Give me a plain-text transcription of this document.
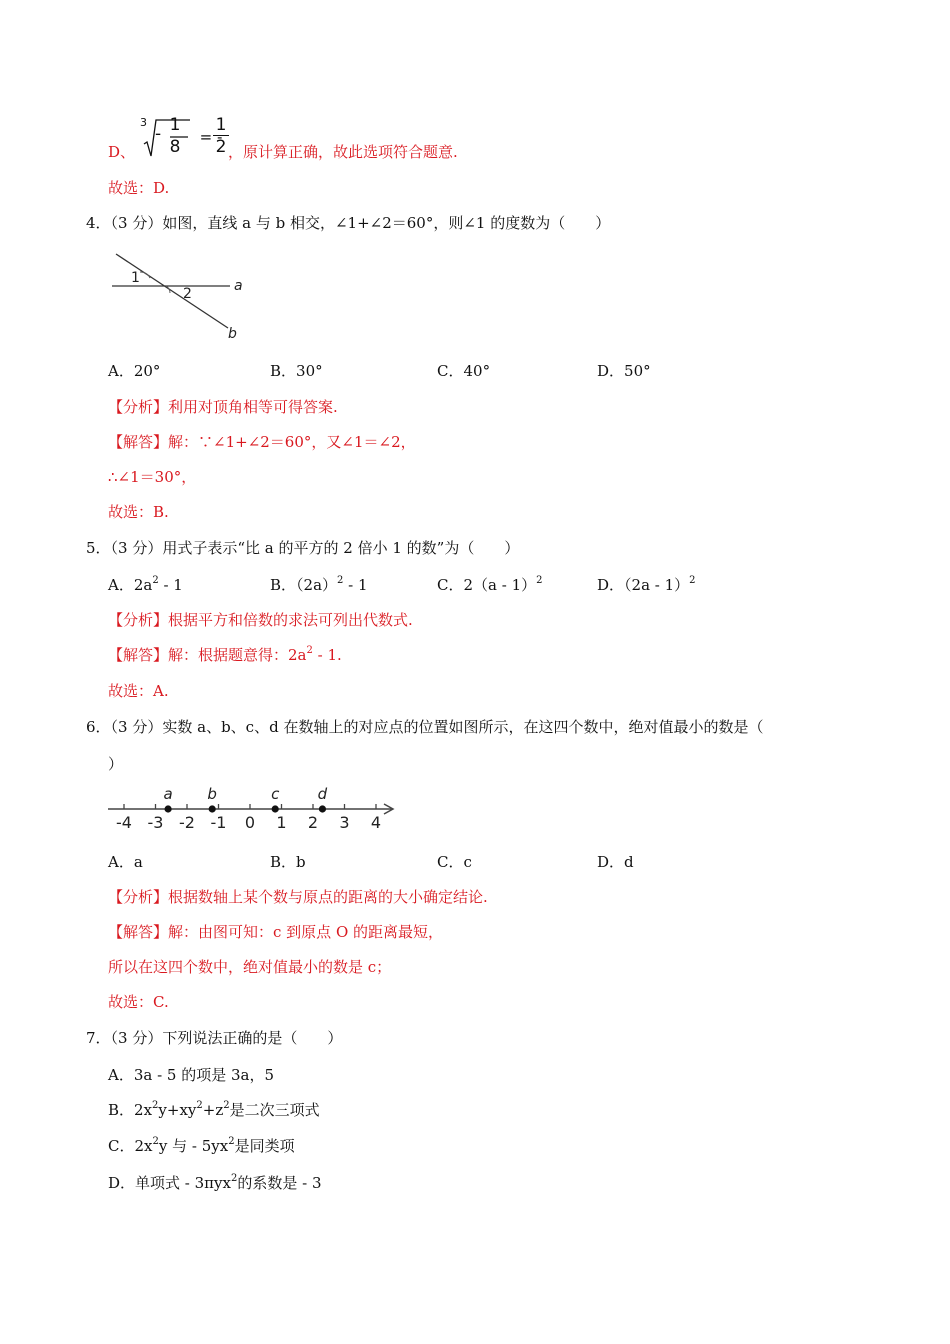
D、
3
- 1
8	= -
1
2 ，原计算正确，故此选项符合题意.
故选：D.
4．（3 分）如图，直线 a 与 b 相交，∠1+∠2＝60°，则∠1 的度数为（　　）
1
2	a
b
A．20°	B．30°	C．40°	D．50°
【分析】利用对顶角相等可得答案.
【解答】解：∵∠1+∠2＝60°，又∠1＝∠2，
∴∠1＝30°，
故选：B.
5．（3 分）用式子表示“比 a 的平方的 2 倍小 1 的数”为（　　）
A．$2a^2 - 1$	B．$(2a)^2 - 1$	C．2（a - 1）$^2$	D．（2a - 1）$^2$
【分析】根据平方和倍数的求法可列出代数式.
【解答】解：根据题意得：$2a^2 - 1$.
故选：A.
6．（3 分）实数 a、b、c、d 在数轴上的对应点的位置如图所示，在这四个数中，绝对值最小的数是（
）
-4 -3 -2 -1 0 1 2 3 4
a b	c	d
A．a	B．b	C．c	D．d
【分析】根据数轴上某个数与原点的距离的大小确定结论.
【解答】解：由图可知：c 到原点 O 的距离最短，
所以在这四个数中，绝对值最小的数是 c；
故选：C.
7．（3 分）下列说法正确的是（　　）
A．3a - 5 的项是 3a，5
B．$2x^2y+xy^2+z^2$是二次三项式
C．$2x^2y$ 与 - $5yx^2$是同类项
D．单项式 - 3πyx$^2$的系数是 - 3
